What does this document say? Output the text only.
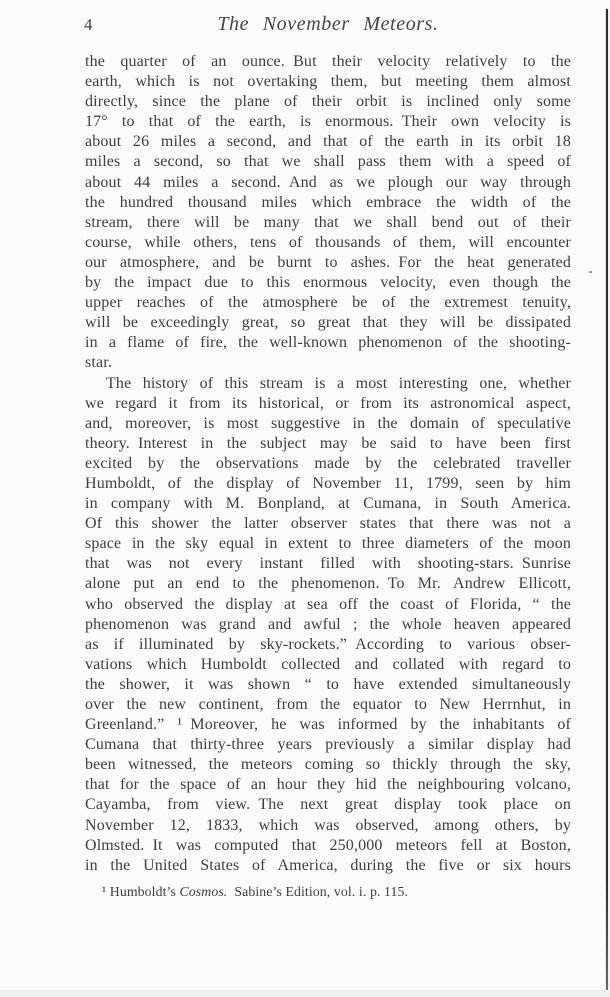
4	The November Meteors.
the quarter of an ounce. But their velocity relatively to the
earth, which is not overtaking them, but meeting them almost
directly, since the plane of their orbit is inclined only some
17° to that of the earth, is enormous. Their own velocity is
about 26 miles a second, and that of the earth in its orbit 18
miles a second, so that we shall pass them with a speed of
about 44 miles a second. And as we plough our way through
the hundred thousand miles which embrace the width of the
stream, there will be many that we shall bend out of their
course, while others, tens of thousands of them, will encounter
our atmosphere, and be burnt to ashes. For the heat generated
by the impact due to this enormous velocity, even though the
upper reaches of the atmosphere be of the extremest tenuity,
will be exceedingly great, so great that they will be dissipated
in a flame of fire, the well-known phenomenon of the shooting-
star.
The history of this stream is a most interesting one, whether
we regard it from its historical, or from its astronomical aspect,
and, moreover, is most suggestive in the domain of speculative
theory. Interest in the subject may be said to have been first
excited by the observations made by the celebrated traveller
Humboldt, of the display of November 11, 1799, seen by him
in company with M. Bonpland, at Cumana, in South America.
Of this shower the latter observer states that there was not a
space in the sky equal in extent to three diameters of the moon
that was not every instant filled with shooting-stars. Sunrise
alone put an end to the phenomenon. To Mr. Andrew Ellicott,
who observed the display at sea off the coast of Florida, “ the
phenomenon was grand and awful ; the whole heaven appeared
as if illuminated by sky-rockets.” According to various obser-
vations which Humboldt collected and collated with regard to
the shower, it was shown “ to have extended simultaneously
over the new continent, from the equator to New Herrnhut, in
Greenland.” ¹ Moreover, he was informed by the inhabitants of
Cumana that thirty-three years previously a similar display had
been witnessed, the meteors coming so thickly through the sky,
that for the space of an hour they hid the neighbouring volcano,
Cayamba, from view. The next great display took place on
November 12, 1833, which was observed, among others, by
Olmsted. It was computed that 250,000 meteors fell at Boston,
in the United States of America, during the five or six hours
¹ Humboldt’s Cosmos. Sabine’s Edition, vol. i. p. 115.
